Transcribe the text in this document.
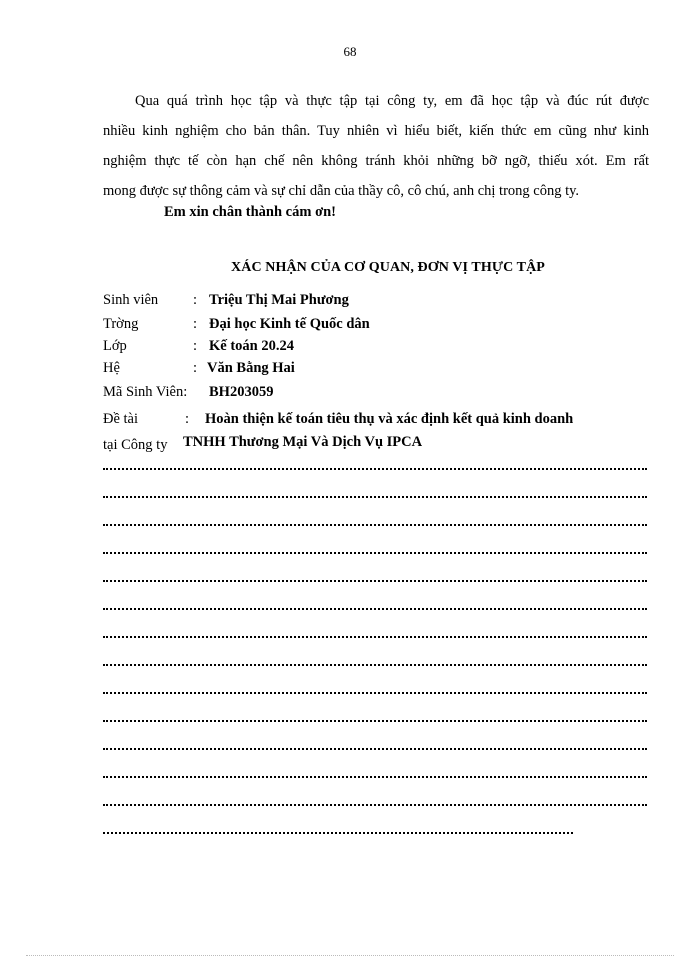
68
Qua quá trình học tập và thực tập tại công ty, em đã học tập và đúc rút được
nhiều kinh nghiệm cho bản thân. Tuy nhiên vì hiểu biết, kiến thức em cũng như kinh
nghiệm thực tế còn hạn chế nên không tránh khỏi những bỡ ngỡ, thiếu xót. Em rất
mong được sự thông cảm và sự chỉ dẫn của thầy cô, cô chú, anh chị trong công ty.
Em xin chân thành cám ơn!
XÁC NHẬN CỦA CƠ QUAN, ĐƠN VỊ THỰC TẬP
Sinh viên : Triệu Thị Mai Phương
Trờng	: Đại học Kinh tế Quốc dân
Lớp	: Kế toán 20.24
Hệ	: Văn Bằng Hai
Mã Sinh Viên: BH203059
Đề tài	: Hoàn thiện kế toán tiêu thụ và xác định kết quả kinh doanh
tại Công ty TNHH Thương Mại Và Dịch Vụ IPCA
